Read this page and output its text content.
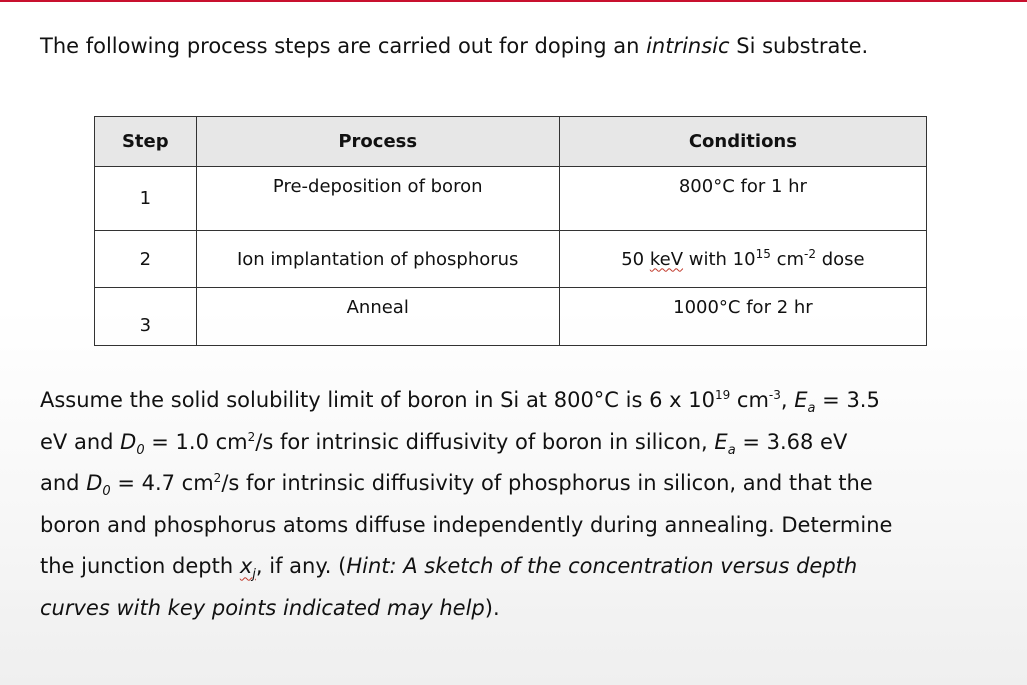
The following process steps are carried out for doping an intrinsic Si substrate.
Step	Process	Conditions
1	Pre-deposition of boron	800°C for 1 hr
2	Ion implantation of phosphorus	50 keV with $10^{15}$ $cm^{-2}$ dose
3	Anneal	1000°C for 2 hr
Assume the solid solubility limit of boron in Si at 800°C is 6 x $10^{19}$ $cm^{-3}$, $E_a = 3.5$
eV and $D_0 = 1.0$ $cm^2/s$ for intrinsic diffusivity of boron in silicon, $E_a = 3.68$ eV
and $D_0 = 4.7$ $cm^2/s$ for intrinsic diffusivity of phosphorus in silicon, and that the
boron and phosphorus atoms diffuse independently during annealing. Determine
the junction depth $x_j$, if any. (Hint: A sketch of the concentration versus depth
curves with key points indicated may help).
